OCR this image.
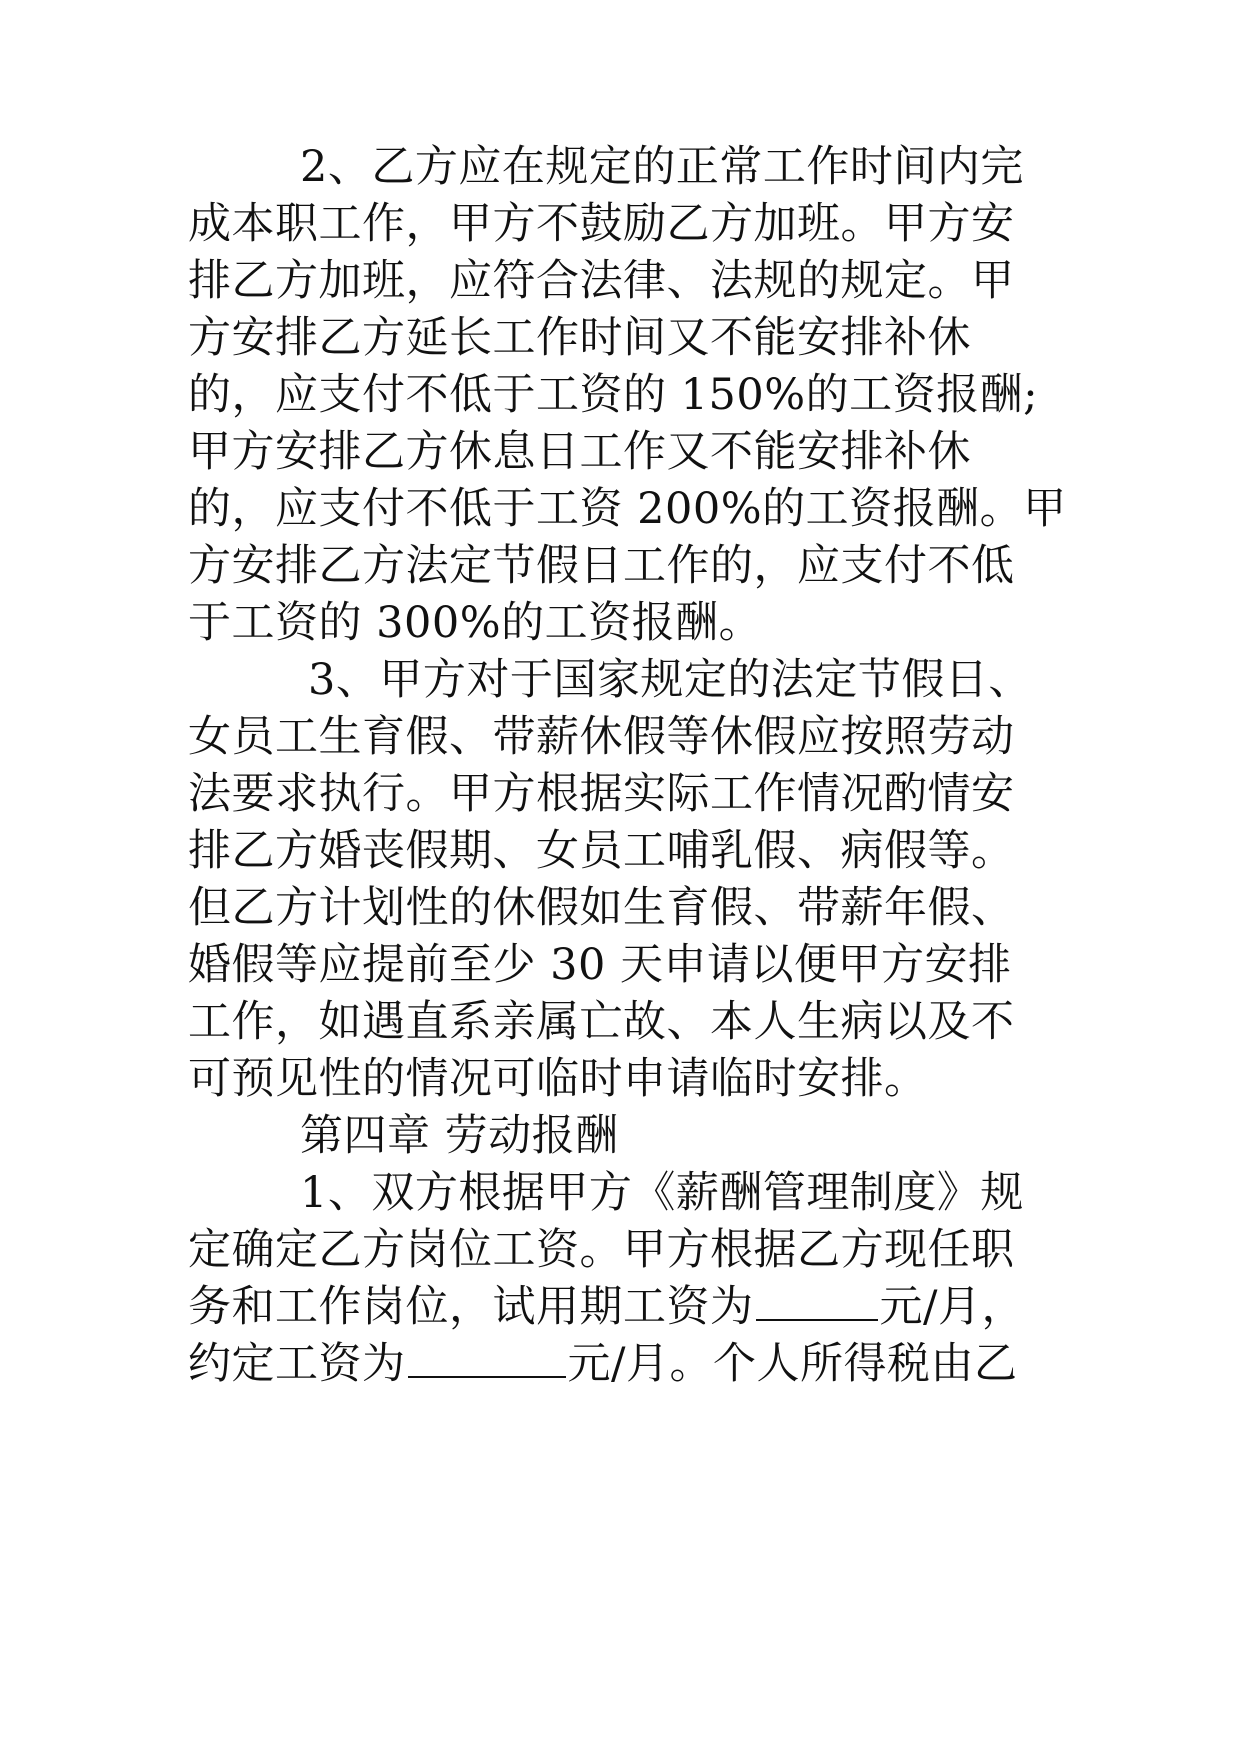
2、乙方应在规定的正常工作时间内完
成本职工作，甲方不鼓励乙方加班。甲方安
排乙方加班，应符合法律、法规的规定。甲
方安排乙方延长工作时间又不能安排补休
的，应支付不低于工资的 150%的工资报酬;
甲方安排乙方休息日工作又不能安排补休
的，应支付不低于工资 200%的工资报酬。甲
方安排乙方法定节假日工作的，应支付不低
于工资的 300%的工资报酬。
3、甲方对于国家规定的法定节假日、
女员工生育假、带薪休假等休假应按照劳动
法要求执行。甲方根据实际工作情况酌情安
排乙方婚丧假期、女员工哺乳假、病假等。
但乙方计划性的休假如生育假、带薪年假、
婚假等应提前至少 30 天申请以便甲方安排
工作，如遇直系亲属亡故、本人生病以及不
可预见性的情况可临时申请临时安排。
第四章 劳动报酬
1、双方根据甲方《薪酬管理制度》规
定确定乙方岗位工资。甲方根据乙方现任职
务和工作岗位，试用期工资为	元/月，
约定工资为	元/月。个人所得税由乙
